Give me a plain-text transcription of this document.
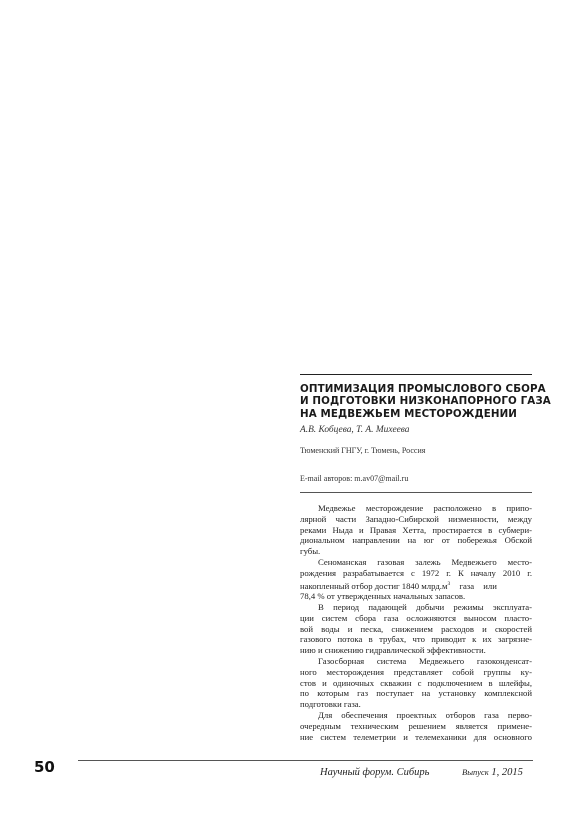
ОПТИМИЗАЦИЯ ПРОМЫСЛОВОГО СБОРА
И ПОДГОТОВКИ НИЗКОНАПОРНОГО ГАЗА
НА МЕДВЕЖЬЕМ МЕСТОРОЖДЕНИИ
А.В. Кобцева, Т. А. Михеева
Тюменский ГНГУ, г. Тюмень, Россия
E-mail авторов: m.av07@mail.ru
Медвежье месторождение расположено в припо-
лярной части Западно-Сибирской низменности, между
реками Ныда и Правая Хетта, простирается в субмери-
диональном направлении на юг от побережья Обской
губы.
Сеноманская газовая залежь Медвежьего место-
рождения разрабатывается с 1972 г. К началу 2010 г.
накопленный отбор достиг 1840 $млрд.м^3$ газа или
78,4 % от утвержденных начальных запасов.
В период падающей добычи режимы эксплуата-
ции систем сбора газа осложняются выносом пласто-
вой воды и песка, снижением расходов и скоростей
газового потока в трубах, что приводит к их загрязне-
нию и снижению гидравлической эффективности.
Газосборная система Медвежьего газоконденсат-
ного месторождения представляет собой группы ку-
стов и одиночных скважин с подключением в шлейфы,
по которым газ поступает на установку комплексной
подготовки газа.
Для обеспечения проектных отборов газа перво-
очередным техническим решением является примене-
ние систем телеметрии и телемеханики для основного
50	Научный форум. Сибирь	Выпуск 1, 2015
